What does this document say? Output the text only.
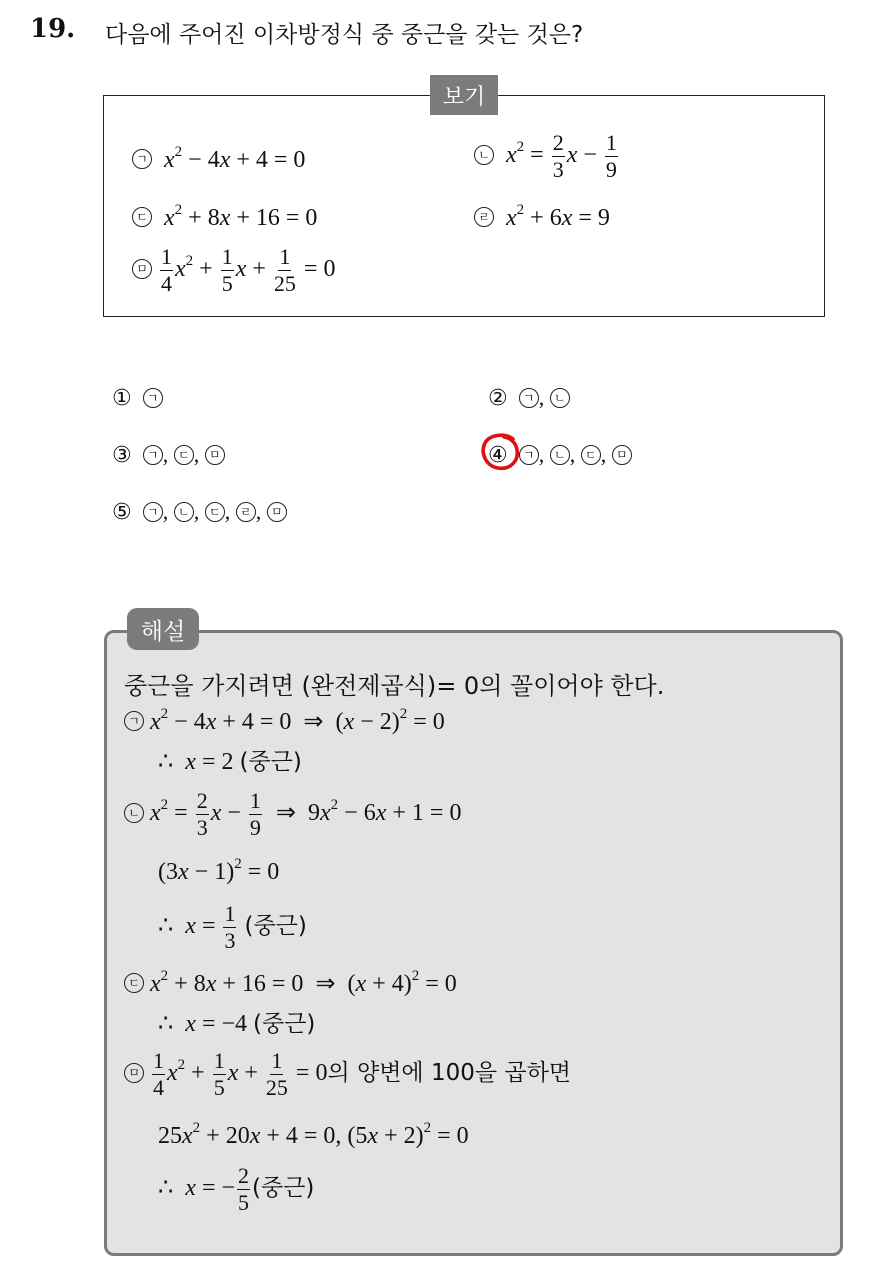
19. 다음에 주어진 이차방정식 중 중근을 갖는 것은?
보기
ㄱ  $x^2 - 4x + 4 = 0$	ㄴ  $x^2 = \frac{2}{3}$ $x - \frac{1}{9}$
ㄷ  $x^2 + 8x + 16 = 0$	ㄹ  $x^2 + 6x = 9$
ㅁ $\frac{1}{4} x^2 + \frac{1}{5}$ $x + \frac{1}{25} = 0$
① ㄱ	② ㄱ , ㄴ
③ ㄱ , ㄷ , ㅁ	④ ㄱ , ㄴ , ㄷ , ㅁ
⑤ ㄱ , ㄴ , ㄷ , ㄹ , ㅁ
해설
중근을 가지려면 (완전제곱식)= 0의 꼴이어야 한다.
ㄱ $x^2 - 4x + 4 = 0$  ⇒  $(x - 2)^2 = 0$
∴  x = 2 (중근)
ㄴ $x^2 = \frac{2}{3}$ $x - \frac{1}{9}$ ⇒  $9x^2 - 6x + 1 = 0$
$(3x - 1)^2 = 0$
∴  $x = \frac{1}{3}$ (중근)
ㄷ $x^2 + 8x + 16 = 0$  ⇒  $(x + 4)^2 = 0$
∴  x = −4 (중근)
ㅁ $\frac{1}{4} x^2 + \frac{1}{5}$ $x + \frac{1}{25} = 0$의 양변에 100을 곱하면
$25x^2 + 20x + 4 = 0$, $(5x + 2)^2 = 0$
∴  x = − $\frac{2}{5}$ (중근)
